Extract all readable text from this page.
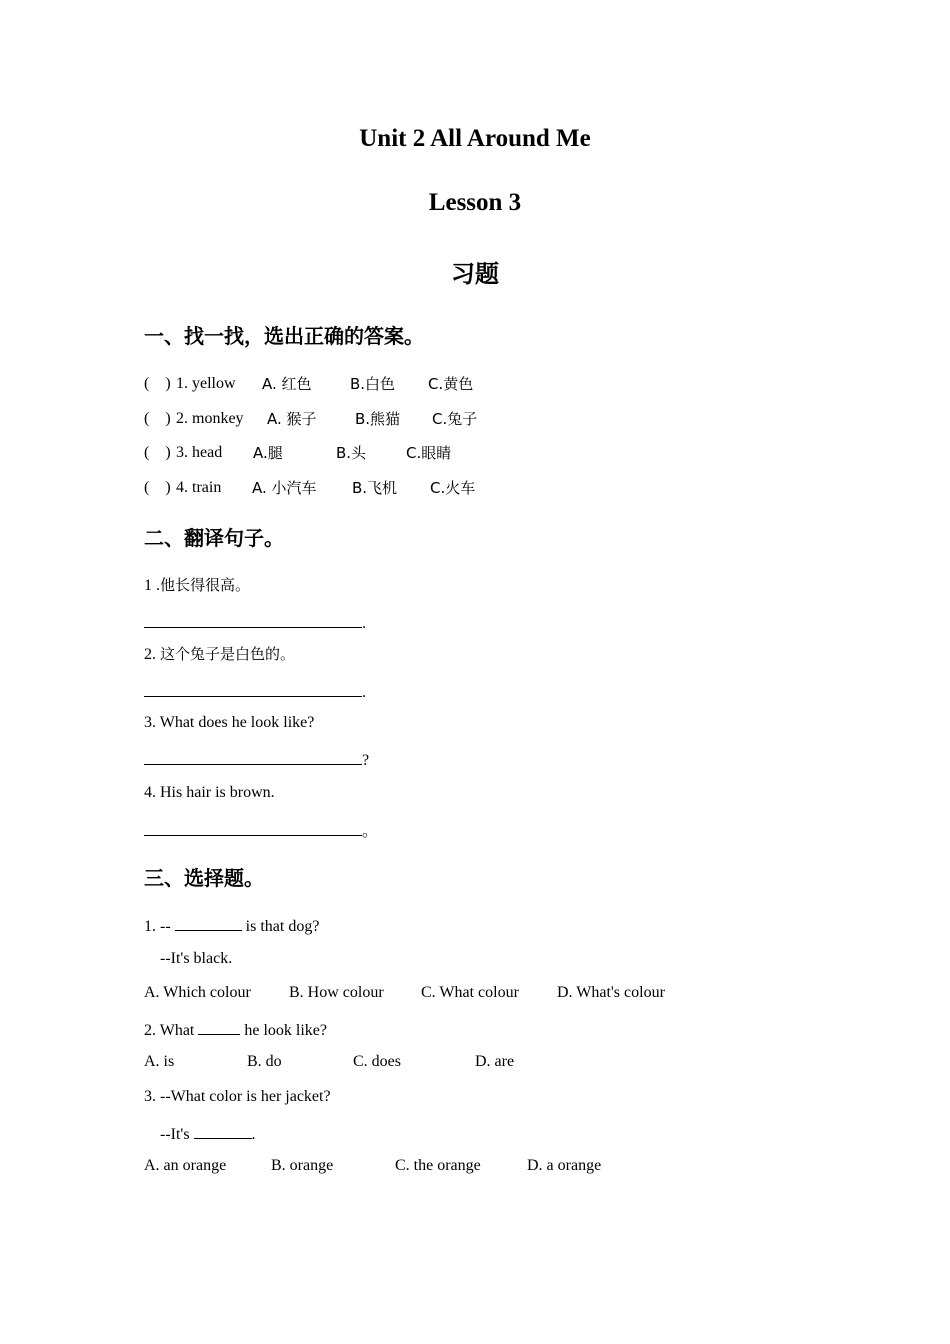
Unit 2 All Around Me
Lesson 3
习题
一、找一找，选出正确的答案。
(    ) 1. yellow A. 红色	B.白色 C.黄色
(    ) 2. monkey A. 猴子	B.熊猫 C.兔子
(    ) 3. head A.腿	B.头	C.眼睛
(    ) 4. train A. 小汽车 B.飞机 C.火车
二、翻译句子。
1 .他长得很高。
.
2. 这个兔子是白色的。
.
3. What does he look like?
?
4. His hair is brown.
。
三、选择题。
1. --	is that dog?
--It's black.
A. Which colour B. How colour C. What colour D. What's colour
2. What	he look like?
A. is	B. do	C. does	D. are
3. --What color is her jacket?
--It's	.
A. an orange	B. orange	C. the orange	D. a orange
